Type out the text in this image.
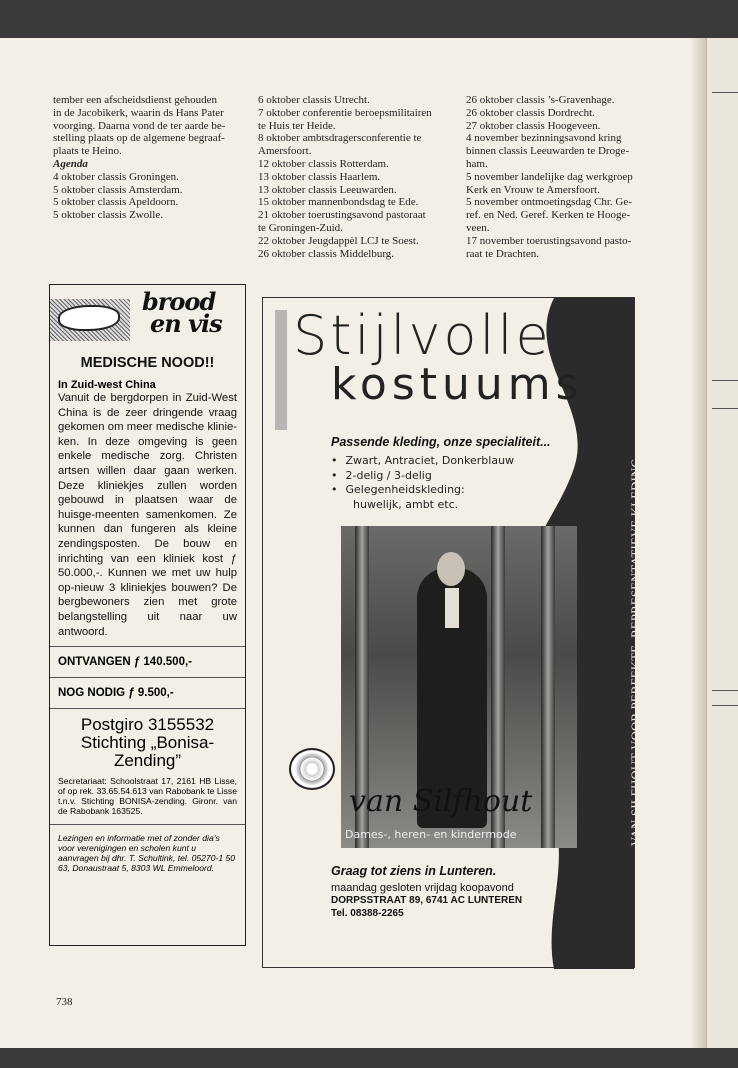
tember een afscheidsdienst gehouden

in de Jacobikerk, waarin ds Hans Pater

voorging. Daarna vond de ter aarde be-

stelling plaats op de algemene begraaf-

plaats te Heino.

Agenda

4 oktober classis Groningen.

5 oktober classis Amsterdam.

5 oktober classis Apeldoorn.

5 oktober classis Zwolle.

6 oktober classis Utrecht.

7 oktober conferentie beroepsmilitairen

te Huis ter Heide.

8 oktober ambtsdragersconferentie te

Amersfoort.

12 oktober classis Rotterdam.

13 oktober classis Haarlem.

13 oktober classis Leeuwarden.

15 oktober mannenbondsdag te Ede.

21 oktober toerustingsavond pastoraat

te Groningen-Zuid.

22 oktober Jeugdappèl LCJ te Soest.

26 oktober classis Middelburg.

26 oktober classis ’s-Gravenhage.

26 oktober classis Dordrecht.

27 oktober classis Hoogeveen.

4 november bezinningsavond kring

binnen classis Leeuwarden te Droge-

ham.

5 november landelijke dag werkgroep

Kerk en Vrouw te Amersfoort.

5 november ontmoetingsdag Chr. Ge-

ref. en Ned. Geref. Kerken te Hooge-

veen.

17 november toerustingsavond pasto-

raat te Drachten.

brood
en vis
MEDISCHE NOOD!!
In Zuid-west China
Vanuit de bergdorpen in Zuid-West China is de zeer dringende vraag gekomen om meer medische klinie-ken. In deze omgeving is geen enkele medische zorg. Christen artsen willen daar gaan werken. Deze kliniekjes zullen worden gebouwd in plaatsen waar de huisge-meenten samenkomen. Ze kunnen dan fungeren als kleine zendingsposten. De bouw en inrichting van een kliniek kost ƒ 50.000,-. Kunnen we met uw hulp op-nieuw 3 kliniekjes bouwen? De bergbewoners zien met grote belangstelling uit naar uw antwoord.
ONTVANGEN ƒ 140.500,-
NOG NODIG ƒ 9.500,-
Postgiro 3155532
Stichting „Bonisa-
Zending”
Secretariaat: Schoolstraat 17, 2161 HB Lisse, of op rek. 33.65.54.613 van Rabobank te Lisse t.n.v. Stichting BONISA-zending. Gironr. van de Rabobank 163525.
Lezingen en informatie met of zonder dia’s voor verenigingen en scholen kunt u aanvragen bij dhr. T. Schultink, tel. 05270-1 50 63, Donaustraat 5, 8303 WL Emmeloord.
Stijlvolle
kostuums
Passende kleding, onze specialiteit...
• Zwart, Antraciet, Donkerblauw
• 2-delig / 3-delig
• Gelegenheidskleding:
huwelijk, ambt etc.
Dames-, heren- en kindermode
van Silfhout	VAN SILFHOUT VOOR PERFEKTE, REPRESENTATIEVE KLEDING
Graag tot ziens in Lunteren.
maandag gesloten vrijdag koopavond
DORPSSTRAAT 89, 6741 AC LUNTEREN
Tel. 08388-2265
738
